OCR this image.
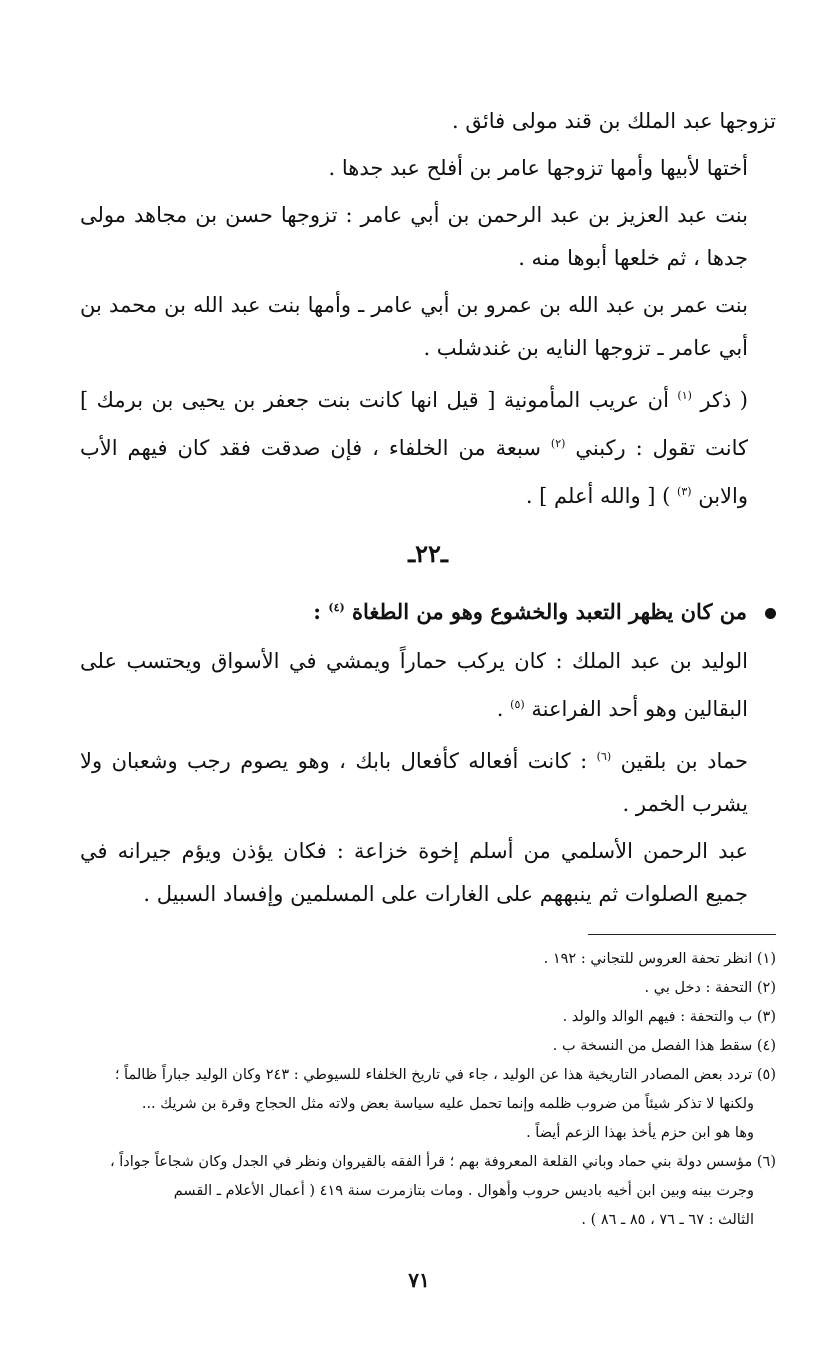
تزوجها عبد الملك بن قند مولى فائق .

أختها لأبيها وأمها تزوجها عامر بن أفلح عبد جدها .

بنت عبد العزيز بن عبد الرحمن بن أبي عامر : تزوجها حسن بن مجاهد مولى جدها ، ثم خلعها أبوها منه .

بنت عمر بن عبد الله بن عمرو بن أبي عامر ـ وأمها بنت عبد الله بن محمد بن أبي عامر ـ تزوجها النايه بن غندشلب .

( ذكر $^{(١)}$ أن عريب المأمونية [ قيل انها كانت بنت جعفر بن يحيى بن برمك ] كانت تقول : ركبني $^{(٢)}$ سبعة من الخلفاء ، فإن صدقت فقد كان فيهم الأب والابن $^{(٣)}$ ) [ والله أعلم ] .

ـ٢٢ـ

من كان يظهر التعبد والخشوع وهو من الطغاة $^{(٤)}$ :

الوليد بن عبد الملك : كان يركب حماراً ويمشي في الأسواق ويحتسب على البقالين وهو أحد الفراعنة $^{(٥)}$ .

حماد بن بلقين $^{(٦)}$ : كانت أفعاله كأفعال بابك ، وهو يصوم رجب وشعبان ولا يشرب الخمر .

عبد الرحمن الأسلمي من أسلم إخوة خزاعة : فكان يؤذن ويؤم جيرانه في جميع الصلوات ثم ينبههم على الغارات على المسلمين وإفساد السبيل .

(١) انظر تحفة العروس للتجاني : ١٩٢ .

(٢) التحفة : دخل بي .

(٣) ب والتحفة : فيهم الوالد والولد .

(٤) سقط هذا الفصل من النسخة ب .

(٥) تردد بعض المصادر التاريخية هذا عن الوليد ، جاء في تاريخ الخلفاء للسيوطي : ٢٤٣ وكان الوليد جباراً ظالماً ؛
ولكنها لا تذكر شيئاً من ضروب ظلمه وإنما تحمل عليه سياسة بعض ولاته مثل الحجاج وقرة بن شريك ...
وها هو ابن حزم يأخذ بهذا الزعم أيضاً .

(٦) مؤسس دولة بني حماد وباني القلعة المعروفة بهم ؛ قرأ الفقه بالقيروان ونظر في الجدل وكان شجاعاً جواداً ،
وجرت بينه وبين ابن أخيه باديس حروب وأهوال . ومات بتازمرت سنة ٤١٩ ( أعمال الأعلام ـ القسم
الثالث : ٦٧ ـ ٧٦ ، ٨٥ ـ ٨٦ ) .

٧١
